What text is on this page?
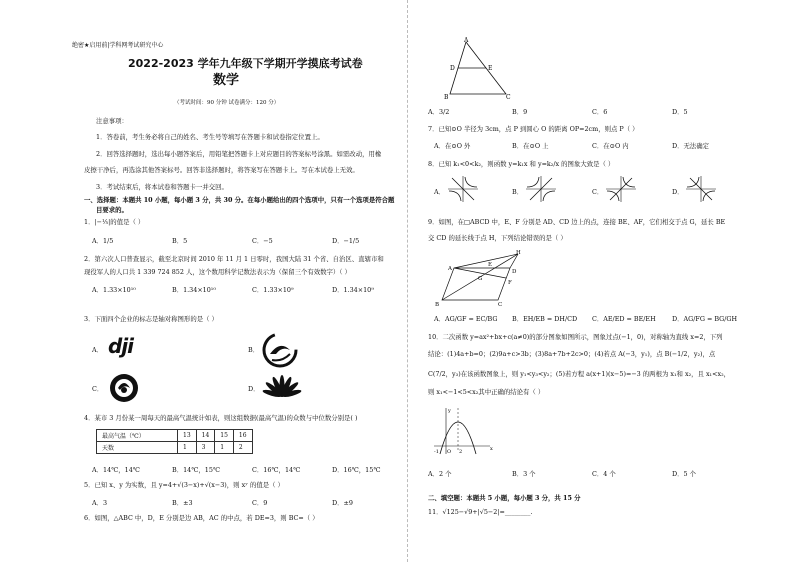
绝密★启用前|学科网考试研究中心
2022-2023 学年九年级下学期开学摸底考试卷
数学
（考试时间：90 分钟 试卷满分：120 分）
注意事项：
1．答卷前，考生务必将自己的姓名、考生号等填写在答题卡和试卷指定位置上。
2．回答选择题时，选出每小题答案后，用铅笔把答题卡上对应题目的答案标号涂黑。如需改动，用橡
皮擦干净后，再选涂其他答案标号。回答非选择题时，将答案写在答题卡上。写在本试卷上无效。
3．考试结束后，将本试卷和答题卡一并交回。
一、选择题：本题共 10 小题，每小题 3 分，共 30 分。在每小题给出的四个选项中，只有一个选项是符合题
目要求的。
1．|−⅕|的值是（ ）
A．1/5	B．5	C．−5	D．−1/5
2．第六次人口普查显示，截至北京时间 2010 年 11 月 1 日零时，我国大陆 31 个省、自治区、直辖市和
现役军人的人口共 1 339 724 852 人，这个数用科学记数法表示为（保留三个有效数字）（ ）
A．1.33×10¹⁰	B．1.34×10¹⁰	C．1.33×10⁹	D．1.34×10⁹
3．下面四个企业的标志是轴对称图形的是（ ）
A．	B．
C．	D．
dji
4．某市 3 月份某一周每天的最高气温统计如表，则这组数据(最高气温)的众数与中位数分别是( )
最高气温（℃）	13	14	15	16
天数	1	3	1	2
A．14℃，14℃	B．14℃，15℃	C．16℃，14℃	D．16℃，15℃
5．已知 x、y 为实数，且 y=4+√(3−x)+√(x−3)，则 xʸ 的值是（ ）
A．3	B．±3	C．9	D．±9
6．如图，△ABC 中，D，E 分别是边 AB，AC 的中点，若 DE=3，则 BC=（ ）
A
D	E
B	C
A．3/2	B．9	C．6	D．5
7．已知⊙O 半径为 3cm，点 P 到圆心 O 的距离 OP=2cm，则点 P（ ）
A．在⊙O 外	B．在⊙O 上	C．在⊙O 内	D．无法确定
8．已知 k₁<0<k₂，则函数 y=k₁x 和 y=k₂/x 的图象大致是（ ）
A．	B．	C．	D．
9．如图，在□ABCD 中，E、F 分别是 AD、CD 边上的点，连接 BE、AF，它们相交于点 G，延长 BE
交 CD 的延长线于点 H，下列结论错误的是（ ）
A
B	C
D
E
F
G
H
A．AG/GF = EC/BG B．EH/EB = DH/CD C．AE/ED = BE/EH	D．AG/FG = BG/GH
10．二次函数 y=ax²+bx+c(a≠0)的部分图象如图所示，图象过点(−1，0)，对称轴为直线 x=2，下列
结论：(1)4a+b=0；(2)9a+c>3b；(3)8a+7b+2c>0；(4)若点 A(−3，y₁)，点 B(−1/2，y₂)，点
C(7/2，y₃)在该函数图象上，则 y₁<y₃<y₂；(5)若方程 a(x+1)(x−5)=−3 的两根为 x₁和 x₂，且 x₁<x₂，
则 x₁<−1<5<x₂其中正确的结论有（ ）
y
x
O 2
-1
A．2 个	B．3 个	C．4 个	D．5 个
二、填空题：本题共 5 小题，每小题 3 分，共 15 分
11．√125−√9+|√5−2|=________.
